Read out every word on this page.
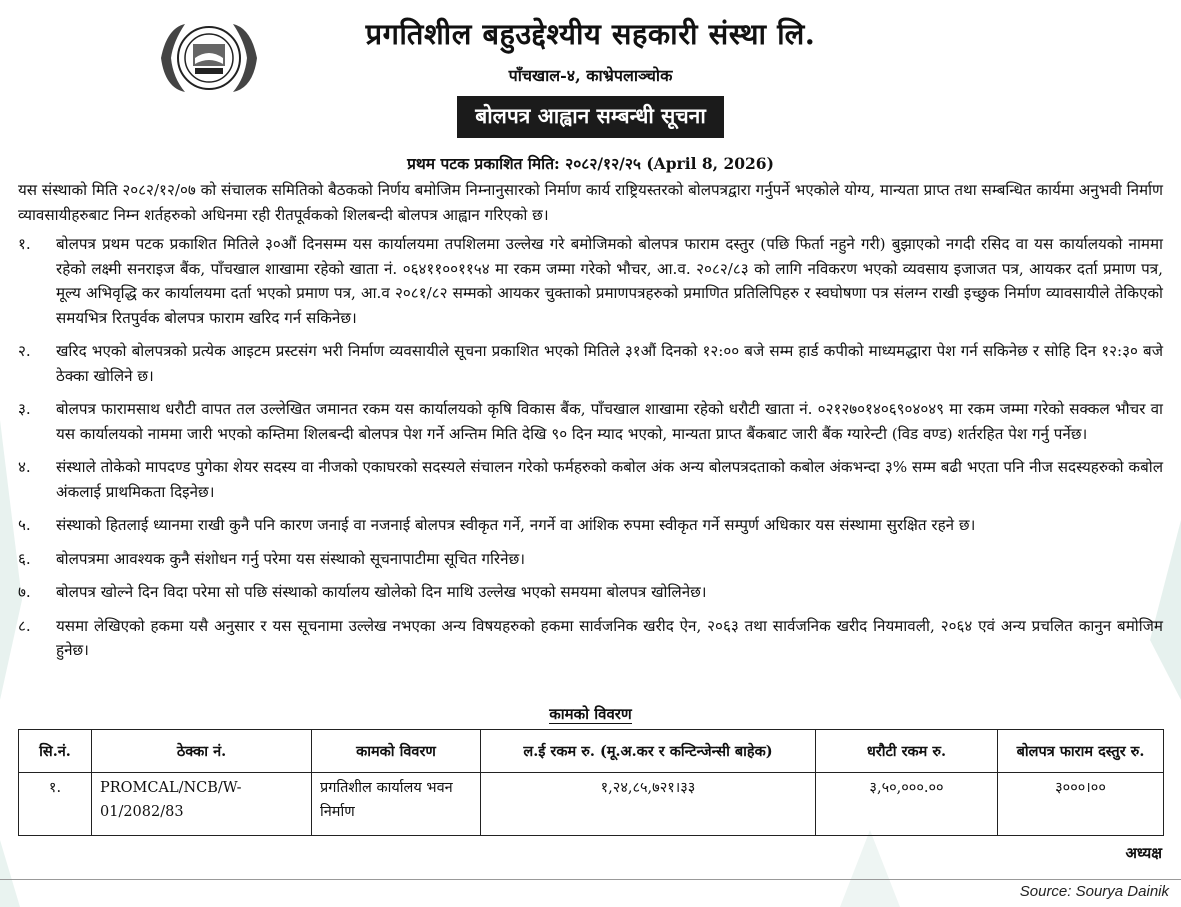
प्रगतिशील बहुउद्देश्यीय सहकारी संस्था लि.
पाँचखाल-४, काभ्रेपलाञ्चोक
बोलपत्र आह्वान सम्बन्धी सूचना
प्रथम पटक प्रकाशित मिति: २०८२/१२/२५ (April 8, 2026)
यस संस्थाको मिति २०८२/१२/०७ को संचालक समितिको बैठकको निर्णय बमोजिम निम्नानुसारको निर्माण कार्य राष्ट्रियस्तरको बोलपत्रद्वारा गर्नुपर्ने भएकोले योग्य, मान्यता प्राप्त तथा सम्बन्धित कार्यमा अनुभवी निर्माण व्यावसायीहरुबाट निम्न शर्तहरुको अधिनमा रही रीतपूर्वकको शिलबन्दी बोलपत्र आह्वान गरिएको छ।
१.	बोलपत्र प्रथम पटक प्रकाशित मितिले ३०औं दिनसम्म यस कार्यालयमा तपशिलमा उल्लेख गरे बमोजिमको बोलपत्र फाराम दस्तुर (पछि फिर्ता नहुने गरी) बुझाएको नगदी रसिद वा यस कार्यालयको नाममा रहेको लक्ष्मी सनराइज बैंक, पाँचखाल शाखामा रहेको खाता नं. ०६४११००११५४ मा रकम जम्मा गरेको भौचर, आ.व. २०८२/८३ को लागि नविकरण भएको व्यवसाय इजाजत पत्र, आयकर दर्ता प्रमाण पत्र, मूल्य अभिवृद्धि कर कार्यालयमा दर्ता भएको प्रमाण पत्र, आ.व २०८१/८२ सम्मको आयकर चुक्ताको प्रमाणपत्रहरुको प्रमाणित प्रतिलिपिहरु र स्वघोषणा पत्र संलग्न राखी इच्छुक निर्माण व्यावसायीले तेकिएको समयभित्र रितपुर्वक बोलपत्र फाराम खरिद गर्न सकिनेछ।
२.	खरिद भएको बोलपत्रको प्रत्येक आइटम प्रस्टसंग भरी निर्माण व्यवसायीले सूचना प्रकाशित भएको मितिले ३१औं दिनको १२:०० बजे सम्म हार्ड कपीको माध्यमद्धारा पेश गर्न सकिनेछ र सोहि दिन १२:३० बजे ठेक्का खोलिने छ।
३.	बोलपत्र फारामसाथ धरौटी वापत तल उल्लेखित जमानत रकम यस कार्यालयको कृषि विकास बैंक, पाँचखाल शाखामा रहेको धरौटी खाता नं. ०२१२७०१४०६९०४०४९ मा रकम जम्मा गरेको सक्कल भौचर वा यस कार्यालयको नाममा जारी भएको कम्तिमा शिलबन्दी बोलपत्र पेश गर्ने अन्तिम मिति देखि ९० दिन म्याद भएको, मान्यता प्राप्त बैंकबाट जारी बैंक ग्यारेन्टी (विड वण्ड) शर्तरहित पेश गर्नु पर्नेछ।
४.	संस्थाले तोकेको मापदण्ड पुगेका शेयर सदस्य वा नीजको एकाघरको सदस्यले संचालन गरेको फर्महरुको कबोल अंक अन्य बोलपत्रदताको कबोल अंकभन्दा ३% सम्म बढी भएता पनि नीज सदस्यहरुको कबोल अंकलाई प्राथमिकता दिइनेछ।
५.	संस्थाको हितलाई ध्यानमा राखी कुनै पनि कारण जनाई वा नजनाई बोलपत्र स्वीकृत गर्ने, नगर्ने वा आंशिक रुपमा स्वीकृत गर्ने सम्पुर्ण अधिकार यस संस्थामा सुरक्षित रहने छ।
६.	बोलपत्रमा आवश्यक कुनै संशोधन गर्नु परेमा यस संस्थाको सूचनापाटीमा सूचित गरिनेछ।
७.	बोलपत्र खोल्ने दिन विदा परेमा सो पछि संस्थाको कार्यालय खोलेको दिन माथि उल्लेख भएको समयमा बोलपत्र खोलिनेछ।
८.	यसमा लेखिएको हकमा यसै अनुसार र यस सूचनामा उल्लेख नभएका अन्य विषयहरुको हकमा सार्वजनिक खरीद ऐन, २०६३ तथा सार्वजनिक खरीद नियमावली, २०६४ एवं अन्य प्रचलित कानुन बमोजिम हुनेछ।
कामको विवरण
सि.नं.	ठेक्का नं.	कामको विवरण	ल.ई रकम रु. (मू.अ.कर र कन्टिन्जेन्सी बाहेक)	धरौटी रकम रु.	बोलपत्र फाराम दस्तुर रु.
१.	PROMCAL/NCB/W-01/2082/83	प्रगतिशील कार्यालय भवन निर्माण	१,२४,८५,७२१।३३	३,५०,०००.००	३०००।००
अध्यक्ष
Source: Sourya Dainik
